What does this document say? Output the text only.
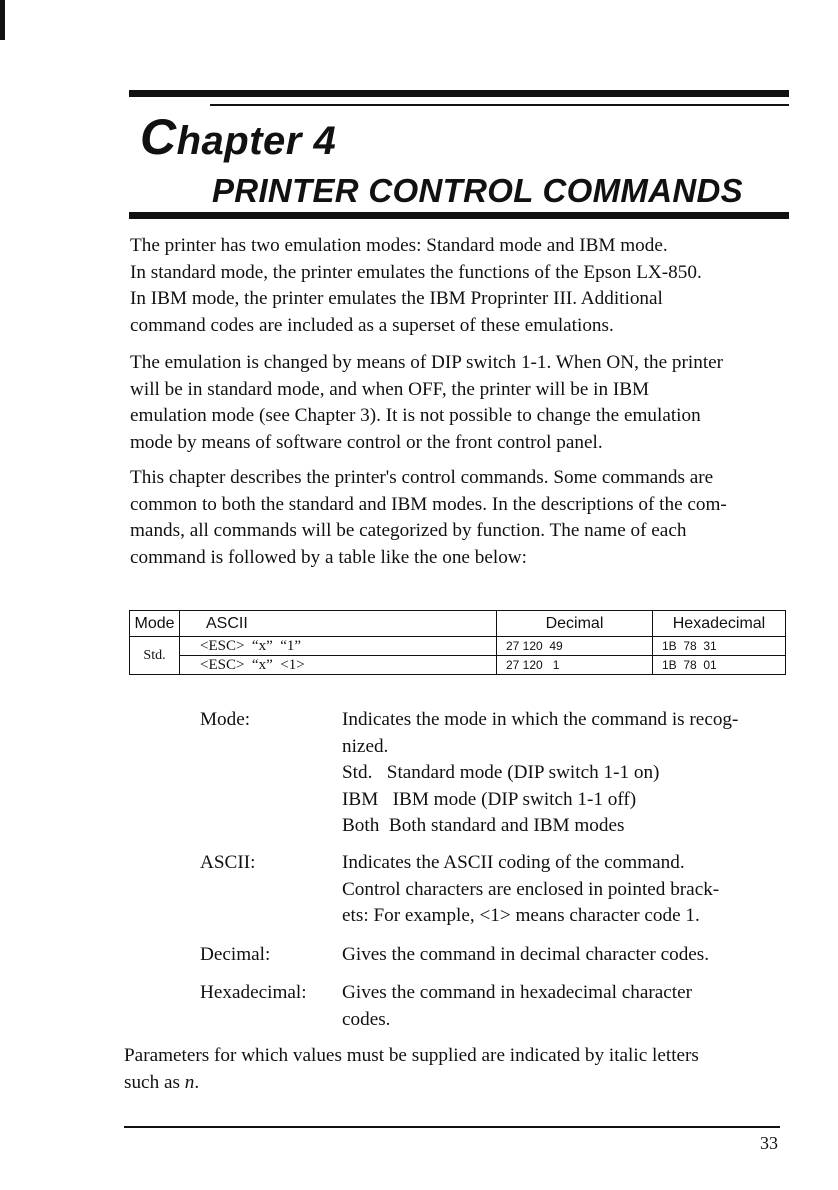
Chapter 4
PRINTER CONTROL COMMANDS
The printer has two emulation modes: Standard mode and IBM mode.
In standard mode, the printer emulates the functions of the Epson LX-850.
In IBM mode, the printer emulates the IBM Proprinter III. Additional
command codes are included as a superset of these emulations.
The emulation is changed by means of DIP switch 1-1. When ON, the printer
will be in standard mode, and when OFF, the printer will be in IBM
emulation mode (see Chapter 3). It is not possible to change the emulation
mode by means of software control or the front control panel.
This chapter describes the printer's control commands. Some commands are
common to both the standard and IBM modes. In the descriptions of the com-
mands, all commands will be categorized by function. The name of each
command is followed by a table like the one below:
Mode	ASCII	Decimal	Hexadecimal
Std.	<ESC>  “x”  “1”	27 120  49	1B  78  31
	<ESC>  “x”  <1>	27 120   1	1B  78  01
Mode:	Indicates the mode in which the command is recog-
nized.
Std.   Standard mode (DIP switch 1-1 on)
IBM   IBM mode (DIP switch 1-1 off)
Both  Both standard and IBM modes
ASCII:	Indicates the ASCII coding of the command.
Control characters are enclosed in pointed brack-
ets: For example, <1> means character code 1.
Decimal:	Gives the command in decimal character codes.
Hexadecimal: Gives the command in hexadecimal character
codes.
Parameters for which values must be supplied are indicated by italic letters
such as n.
33
